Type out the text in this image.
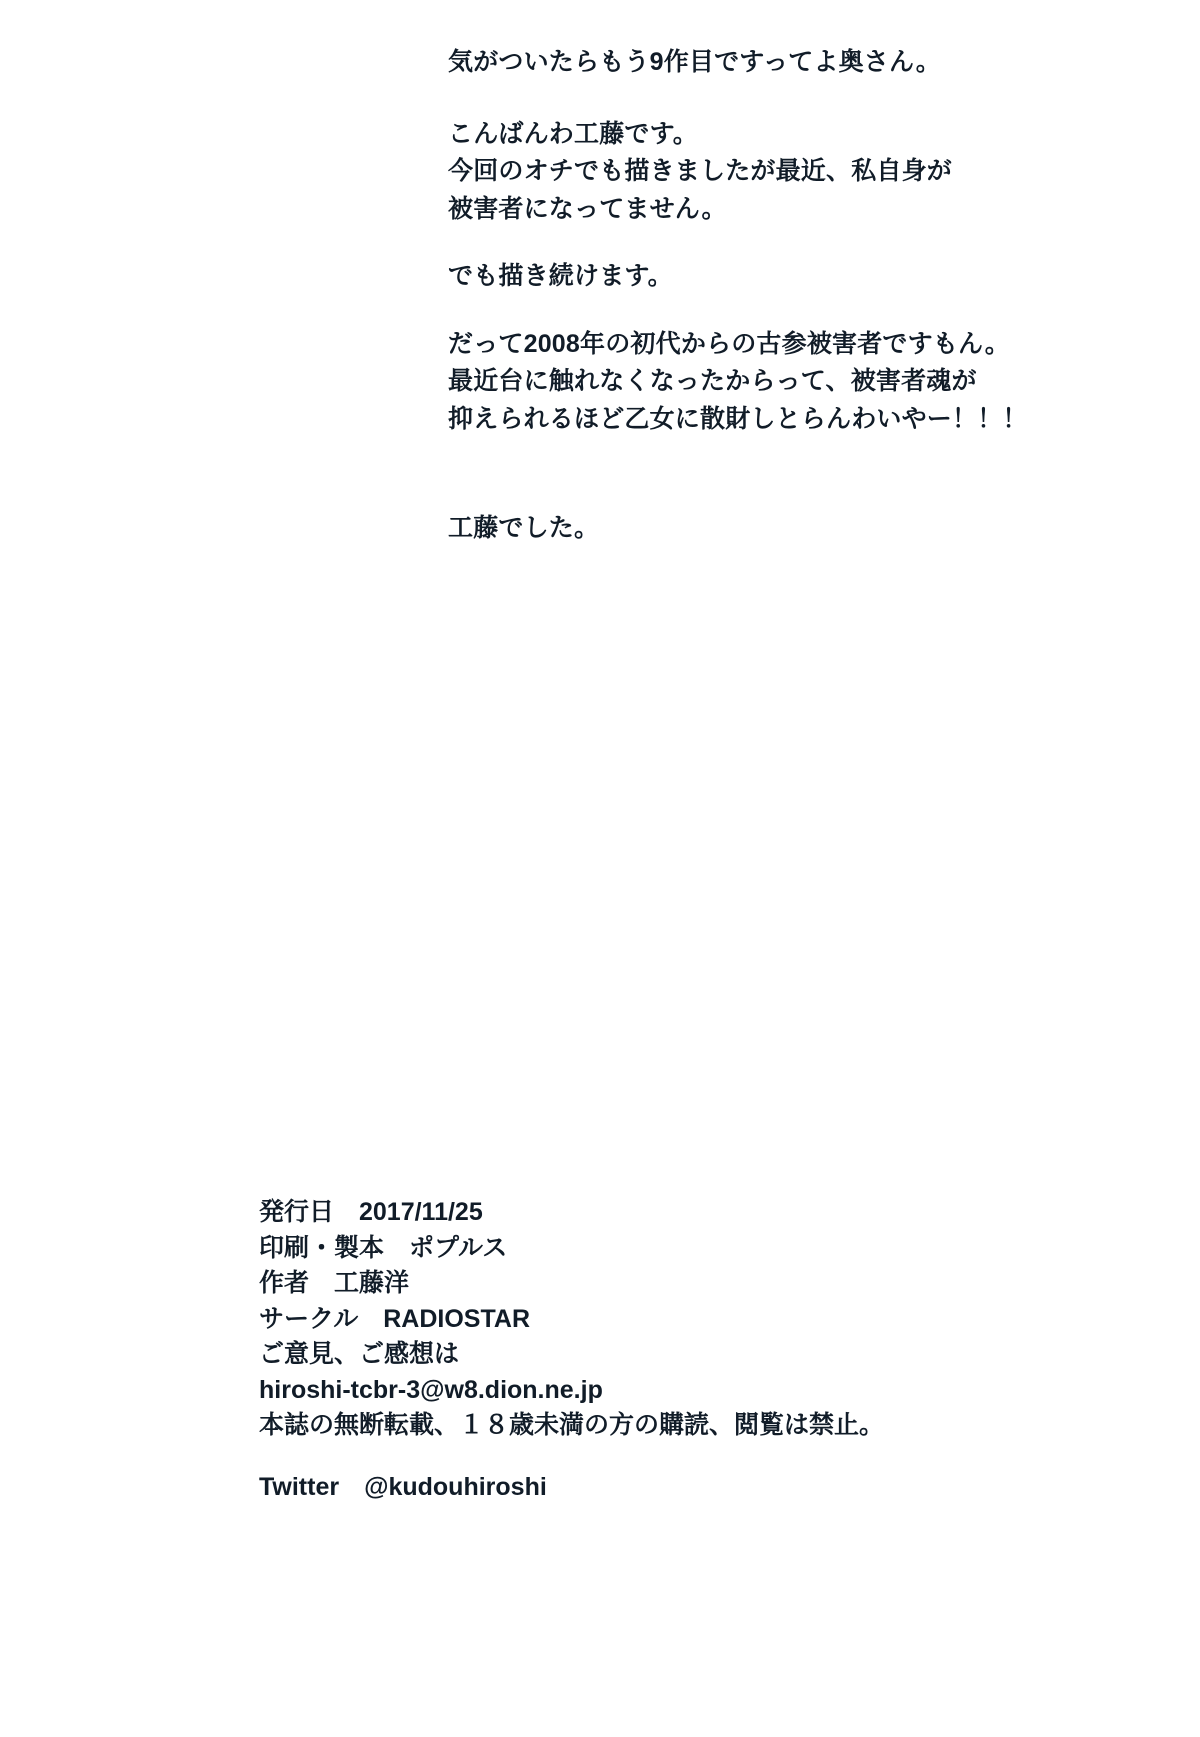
気がついたらもう9作目ですってよ奥さん。

こんばんわ工藤です。

今回のオチでも描きましたが最近、私自身が

被害者になってません。

でも描き続けます。

だって2008年の初代からの古参被害者ですもん。

最近台に触れなくなったからって、被害者魂が

抑えられるほど乙女に散財しとらんわいやー！！！

工藤でした。

発行日　2017/11/25
印刷・製本　ポプルス
作者　工藤洋
サークル　RADIOSTAR
ご意見、ご感想は
hiroshi-tcbr-3@w8.dion.ne.jp
本誌の無断転載、１８歳未満の方の購読、閲覧は禁止。
Twitter　@kudouhiroshi
